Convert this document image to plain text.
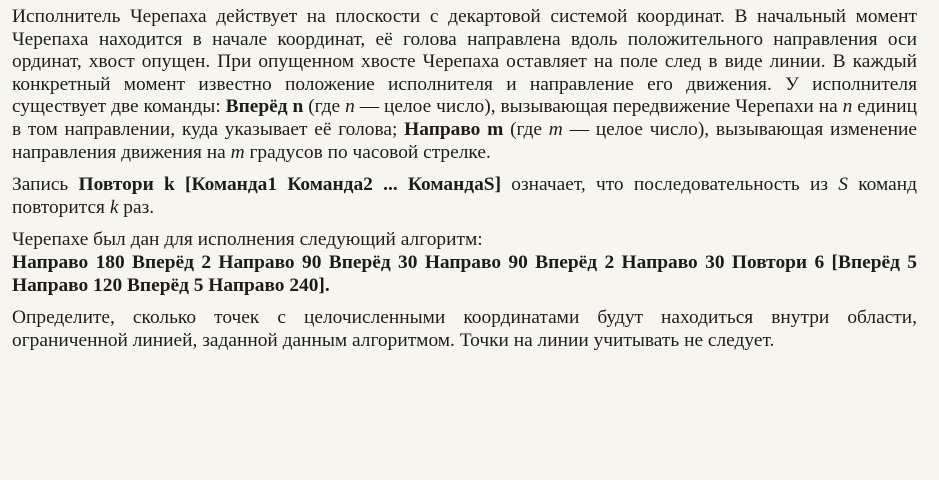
Исполнитель Черепаха действует на плоскости с декартовой системой координат. В начальный момент Черепаха находится в начале координат, её голова направлена вдоль положительного направления оси ординат, хвост опущен. При опущенном хвосте Черепаха оставляет на поле след в виде линии. В каждый конкретный момент известно положение исполнителя и направление его движения. У исполнителя существует две команды: Вперёд n (где n — целое число), вызывающая передвижение Черепахи на n единиц в том направлении, куда указывает её голова; Направо m (где m — целое число), вызывающая изменение направления движения на m градусов по часовой стрелке.

Запись Повтори k [Команда1 Команда2 ... КомандаS] означает, что последовательность из S команд повторится k раз.

Черепахе был дан для исполнения следующий алгоритм:

Направо 180 Вперёд 2 Направо 90 Вперёд 30 Направо 90 Вперёд 2 Направо 30 Повтори 6 [Вперёд 5 Направо 120 Вперёд 5 Направо 240].

Определите, сколько точек с целочисленными координатами будут находиться внутри области, ограниченной линией, заданной данным алгоритмом. Точки на линии учитывать не следует.
